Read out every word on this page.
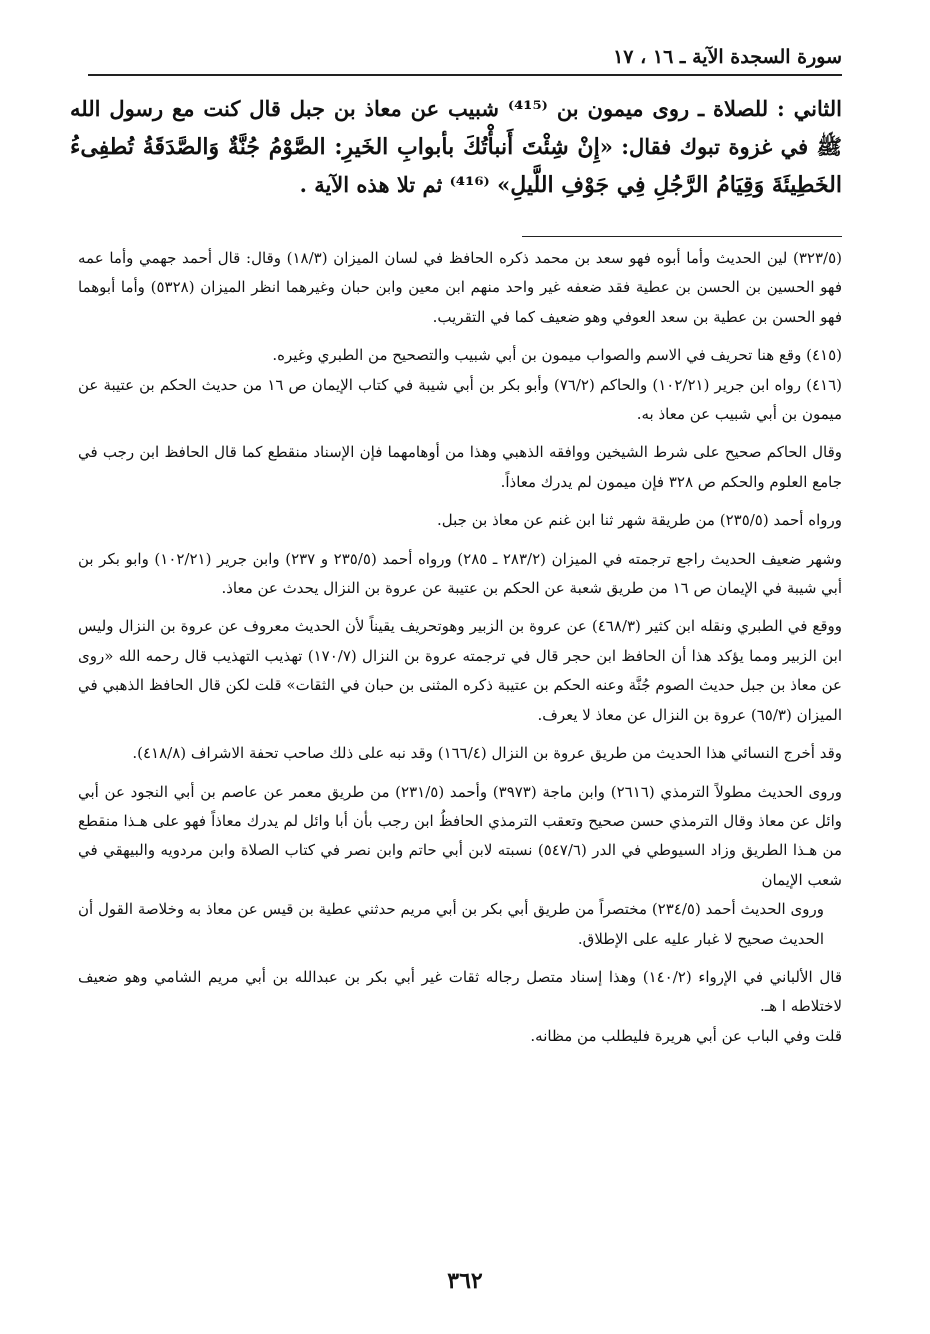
سورة السجدة الآية ـ ١٦ ، ١٧

الثاني : للصلاة ـ روى ميمون بن ⁽⁴¹⁵⁾ شبيب عن معاذ بن جبل قال كنت مع رسول الله ﷺ في غزوة تبوك فقال: «إِنْ شِئْتَ أَنبأْتُكَ بأبوابِ الخَيرِ: الصَّوْمُ جُنَّةٌ وَالصَّدَقَةُ تُطفِىءُ الخَطِيئَةَ وَقِيَامُ الرَّجُلِ فِي جَوْفِ اللَّيلِ» ⁽⁴¹⁶⁾ ثم تلا هذه الآية .

(٣٢٣/٥) لين الحديث وأما أبوه فهو سعد بن محمد ذكره الحافظ في لسان الميزان (١٨/٣) وقال: قال أحمد جهمي وأما عمه فهو الحسين بن الحسن بن عطية فقد ضعفه غير واحد منهم ابن معين وابن حبان وغيرهما انظر الميزان (٥٣٢٨) وأما أبوهما فهو الحسن بن عطية بن سعد العوفي وهو ضعيف كما في التقريب.

(٤١٥) وقع هنا تحريف في الاسم والصواب ميمون بن أبي شبيب والتصحيح من الطبري وغيره.

(٤١٦) رواه ابن جرير (١٠٢/٢١) والحاكم (٧٦/٢) وأبو بكر بن أبي شيبة في كتاب الإيمان ص ١٦ من حديث الحكم بن عتيبة عن ميمون بن أبي شبيب عن معاذ به.

وقال الحاكم صحيح على شرط الشيخين ووافقه الذهبي وهذا من أوهامهما فإن الإسناد منقطع كما قال الحافظ ابن رجب في جامع العلوم والحكم ص ٣٢٨ فإن ميمون لم يدرك معاذاً.

ورواه أحمد (٢٣٥/٥) من طريقة شهر ثنا ابن غنم عن معاذ بن جبل.

وشهر ضعيف الحديث راجع ترجمته في الميزان (٢٨٣/٢ ـ ٢٨٥) ورواه أحمد (٢٣٥/٥ و ٢٣٧) وابن جرير (١٠٢/٢١) وابو بكر بن أبي شيبة في الإيمان ص ١٦ من طريق شعبة عن الحكم بن عتيبة عن عروة بن النزال يحدث عن معاذ.

ووقع في الطبري ونقله ابن كثير (٤٦٨/٣) عن عروة بن الزبير وهوتحريف يقيناً لأن الحديث معروف عن عروة بن النزال وليس ابن الزبير ومما يؤكد هذا أن الحافظ ابن حجر قال في ترجمته عروة بن النزال (١٧٠/٧) تهذيب التهذيب قال رحمه الله «روى عن معاذ بن جبل حديث الصوم جُنَّة وعنه الحكم بن عتيبة ذكره المثنى بن حبان في الثقات» قلت لكن قال الحافظ الذهبي في الميزان (٦٥/٣) عروة بن النزال عن معاذ لا يعرف.

وقد أخرج النسائي هذا الحديث من طريق عروة بن النزال (١٦٦/٤) وقد نبه على ذلك صاحب تحفة الاشراف (٤١٨/٨).

وروى الحديث مطولاً الترمذي (٢٦١٦) وابن ماجة (٣٩٧٣) وأحمد (٢٣١/٥) من طريق معمر عن عاصم بن أبي النجود عن أبي وائل عن معاذ وقال الترمذي حسن صحيح وتعقب الترمذي الحافظُ ابن رجب بأن أبا وائل لم يدرك معاذاً فهو على هـذا منقطع من هـذا الطريق وزاد السيوطي في الدر (٥٤٧/٦) نسبته لابن أبي حاتم وابن نصر في كتاب الصلاة وابن مردويه والبيهقي في شعب الإيمان

وروى الحديث أحمد (٢٣٤/٥) مختصراً من طريق أبي بكر بن أبي مريم حدثني عطية بن قيس عن معاذ به وخلاصة القول أن الحديث صحيح لا غبار عليه على الإطلاق.

قال الألباني في الإرواء (١٤٠/٢) وهذا إسناد متصل رجاله ثقات غير أبي بكر بن عبدالله بن أبي مريم الشامي وهو ضعيف لاختلاطه ا هـ.

قلت وفي الباب عن أبي هريرة فليطلب من مظانه.

٣٦٢
